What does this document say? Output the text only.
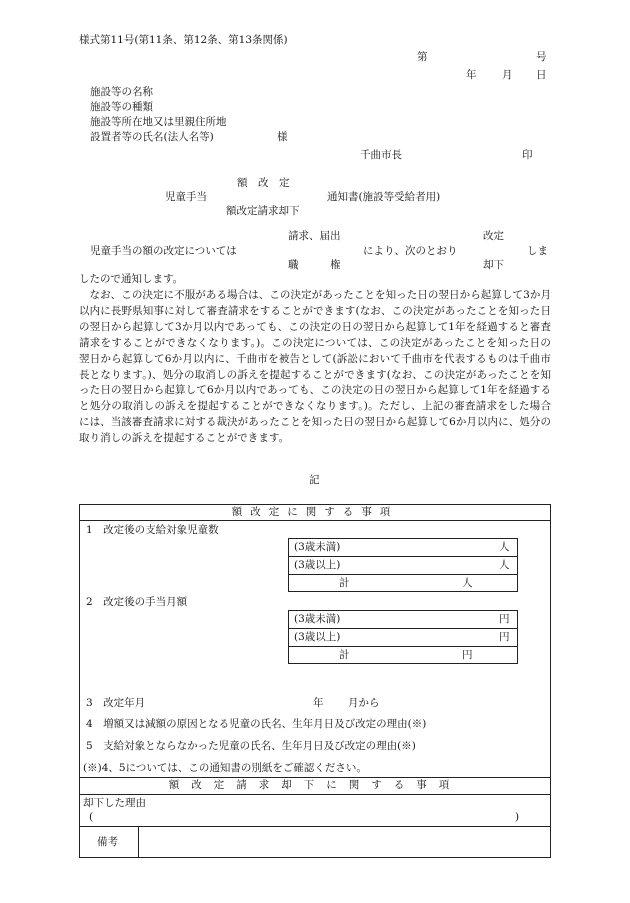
様式第11号(第11条、第12条、第13条関係)
第	号
年 月 日
施設等の名称
施設等の種類
施設等所在地又は里親住所地
設置者等の氏名(法人名等)	様
千曲市長	印
額　改　定
児童手当	通知書(施設等受給者用)
額改定請求却下
請求、届出	改定
児童手当の額の改定については	により、次のとおり	しま
職　　　権	却下
したので通知します。

なお、この決定に不服がある場合は、この決定があったことを知った日の翌日から起算して3か月以内に長野県知事に対して審査請求をすることができます(なお、この決定があったことを知った日の翌日から起算して3か月以内であっても、この決定の日の翌日から起算して1年を経過すると審査請求をすることができなくなります。)。この決定については、この決定があったことを知った日の翌日から起算して6か月以内に、千曲市を被告として(訴訟において千曲市を代表するものは千曲市長となります。)、処分の取消しの訴えを提起することができます(なお、この決定があったことを知った日の翌日から起算して6か月以内であっても、この決定の日の翌日から起算して1年を経過すると処分の取消しの訴えを提起することができなくなります。)。ただし、上記の審査請求をした場合には、当該審査請求に対する裁決があったことを知った日の翌日から起算して6か月以内に、処分の取り消しの訴えを提起することができます。

記
額改定に関する事項
1　改定後の支給対象児童数
(3歳未満)	人
(3歳以上)	人
計	人
2　改定後の手当月額
(3歳未満)	円
(3歳以上)	円
計	円
3　改定年月	年 月から
4　増額又は減額の原因となる児童の氏名、生年月日及び改定の理由(※)
5　支給対象とならなかった児童の氏名、生年月日及び改定の理由(※)
(※)4、5については、この通知書の別紙をご確認ください。
額改定請求却下に関する事項
却下した理由
(	)
備考
